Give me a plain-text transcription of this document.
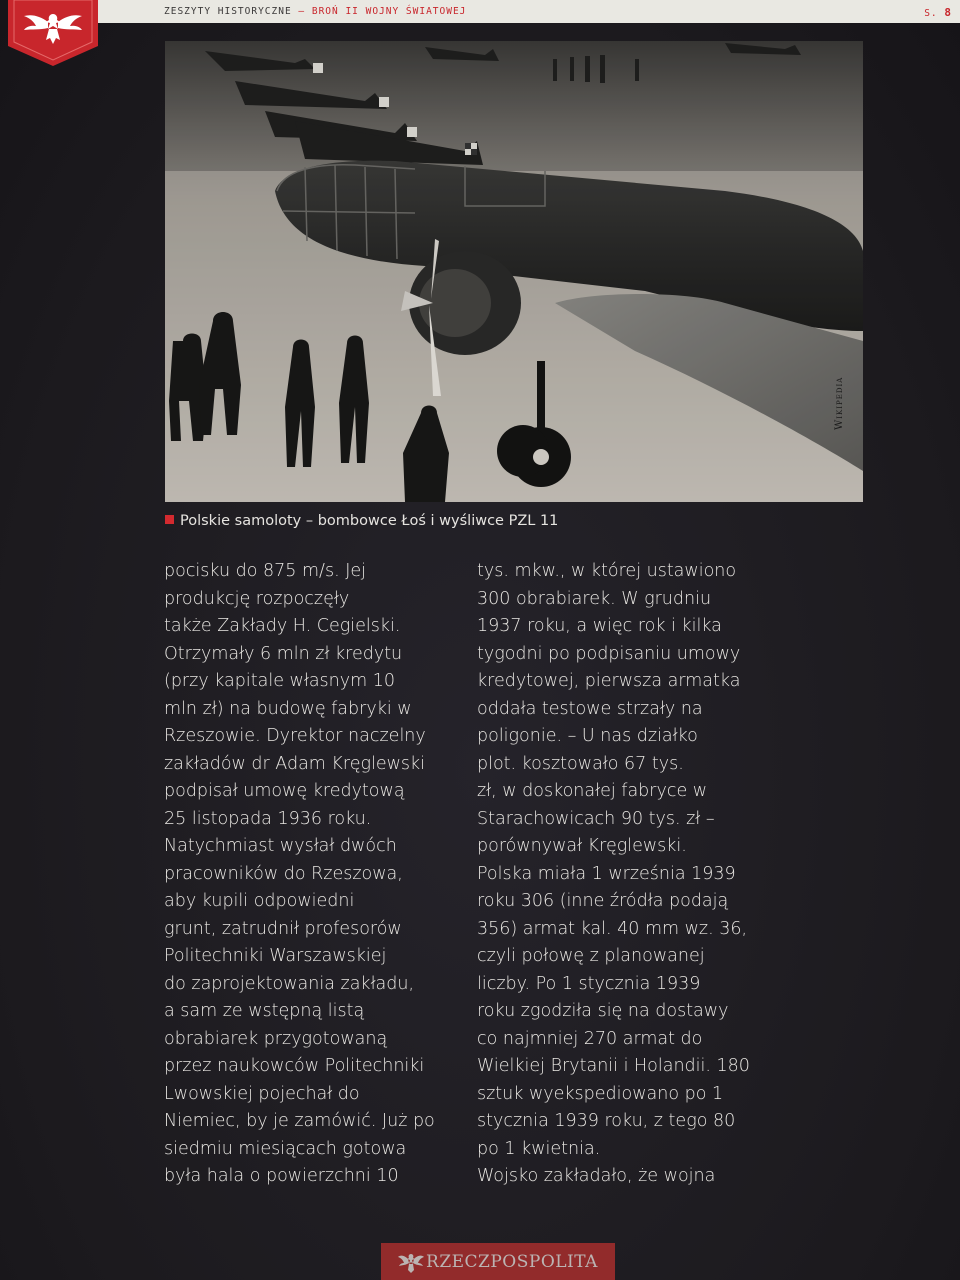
ZESZYTY HISTORYCZNE – BROŃ II WOJNY ŚWIATOWEJ	S. 8
Wikipedia
Polskie samoloty – bombowce Łoś i wyśliwce PZL 11
pocisku do 875 m/s. Jej
produkcję rozpoczęły
także Zakłady H. Cegielski.
Otrzymały 6 mln zł kredytu
(przy kapitale własnym 10
mln zł) na budowę fabryki w
Rzeszowie. Dyrektor naczelny
zakładów dr Adam Kręglewski
podpisał umowę kredytową
25 listopada 1936 roku.
Natychmiast wysłał dwóch
pracowników do Rzeszowa,
aby kupili odpowiedni
grunt, zatrudnił profesorów
Politechniki Warszawskiej
do zaprojektowania zakładu,
a sam ze wstępną listą
obrabiarek przygotowaną
przez naukowców Politechniki
Lwowskiej pojechał do
Niemiec, by je zamówić. Już po
siedmiu miesiącach gotowa
była hala o powierzchni 10
tys. mkw., w której ustawiono
300 obrabiarek. W grudniu
1937 roku, a więc rok i kilka
tygodni po podpisaniu umowy
kredytowej, pierwsza armatka
oddała testowe strzały na
poligonie. – U nas działko
plot. kosztowało 67 tys.
zł, w doskonałej fabryce w
Starachowicach 90 tys. zł –
porównywał Kręglewski.
Polska miała 1 września 1939
roku 306 (inne źródła podają
356) armat kal. 40 mm wz. 36,
czyli połowę z planowanej
liczby. Po 1 stycznia 1939
roku zgodziła się na dostawy
co najmniej 270 armat do
Wielkiej Brytanii i Holandii. 180
sztuk wyekspediowano po 1
stycznia 1939 roku, z tego 80
po 1 kwietnia.
Wojsko zakładało, że wojna
RZECZPOSPOLITA
